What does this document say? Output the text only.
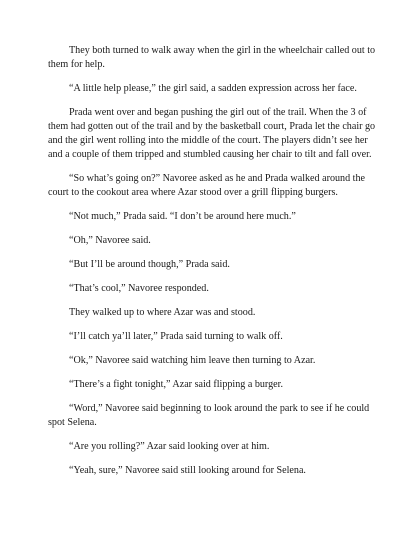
They both turned to walk away when the girl in the wheelchair called out to them for help.

“A little help please,” the girl said, a sadden expression across her face.

Prada went over and began pushing the girl out of the trail. When the 3 of them had gotten out of the trail and by the basketball court, Prada let the chair go and the girl went rolling into the middle of the court. The players didn’t see her and a couple of them tripped and stumbled causing her chair to tilt and fall over.

“So what’s going on?” Navoree asked as he and Prada walked around the court to the cookout area where Azar stood over a grill flipping burgers.

“Not much,” Prada said. “I don’t be around here much.”

“Oh,” Navoree said.

“But I’ll be around though,” Prada said.

“That’s cool,” Navoree responded.

They walked up to where Azar was and stood.

“I’ll catch ya’ll later,” Prada said turning to walk off.

“Ok,” Navoree said watching him leave then turning to Azar.

“There’s a fight tonight,” Azar said flipping a burger.

“Word,” Navoree said beginning to look around the park to see if he could spot Selena.

“Are you rolling?” Azar said looking over at him.

“Yeah, sure,” Navoree said still looking around for Selena.
